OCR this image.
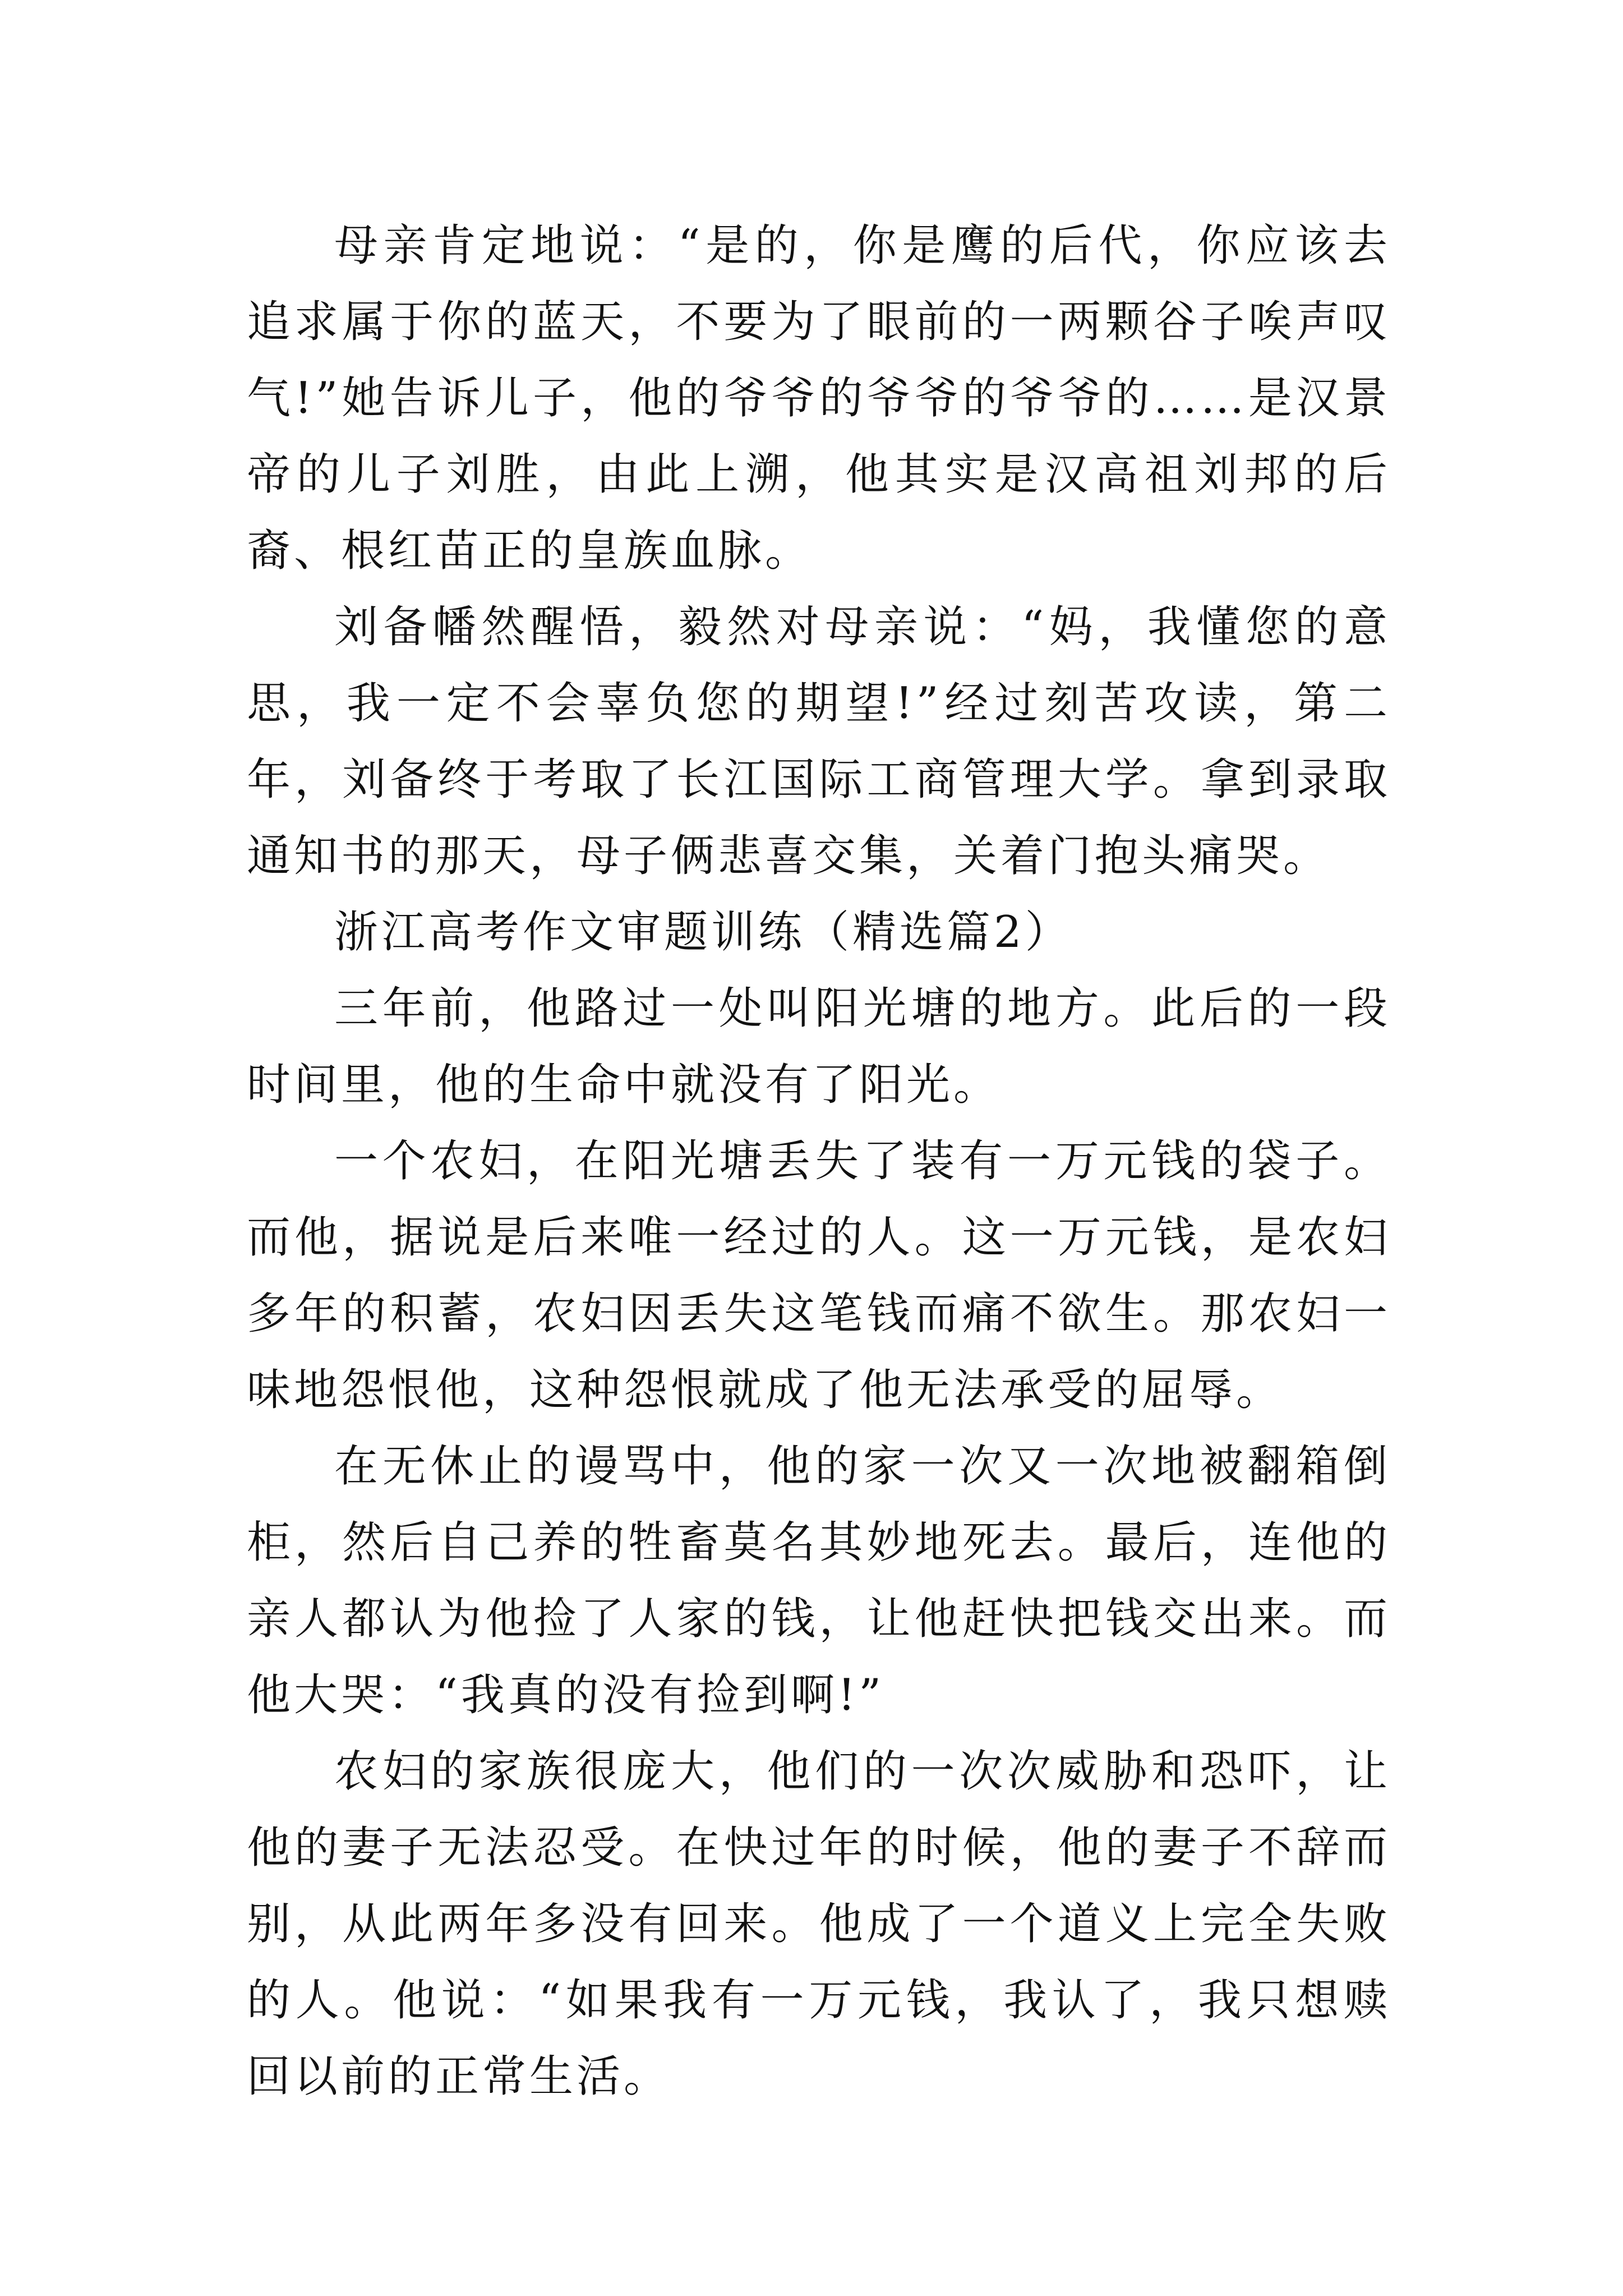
母亲肯定地说：“是的，你是鹰的后代，你应该去追求属于你的蓝天，不要为了眼前的一两颗谷子唉声叹气!”她告诉儿子，他的爷爷的爷爷的爷爷的……是汉景帝的儿子刘胜，由此上溯，他其实是汉高祖刘邦的后裔、根红苗正的皇族血脉。

刘备幡然醒悟，毅然对母亲说：“妈，我懂您的意思，我一定不会辜负您的期望!”经过刻苦攻读，第二年，刘备终于考取了长江国际工商管理大学。拿到录取通知书的那天，母子俩悲喜交集，关着门抱头痛哭。

浙江高考作文审题训练（精选篇2）

三年前，他路过一处叫阳光塘的地方。此后的一段时间里，他的生命中就没有了阳光。

一个农妇，在阳光塘丢失了装有一万元钱的袋子。而他，据说是后来唯一经过的人。这一万元钱，是农妇多年的积蓄，农妇因丢失这笔钱而痛不欲生。那农妇一味地怨恨他，这种怨恨就成了他无法承受的屈辱。

在无休止的谩骂中，他的家一次又一次地被翻箱倒柜，然后自己养的牲畜莫名其妙地死去。最后，连他的亲人都认为他捡了人家的钱，让他赶快把钱交出来。而他大哭：“我真的没有捡到啊!”

农妇的家族很庞大，他们的一次次威胁和恐吓，让他的妻子无法忍受。在快过年的时候，他的妻子不辞而别，从此两年多没有回来。他成了一个道义上完全失败的人。他说：“如果我有一万元钱，我认了，我只想赎回以前的正常生活。
